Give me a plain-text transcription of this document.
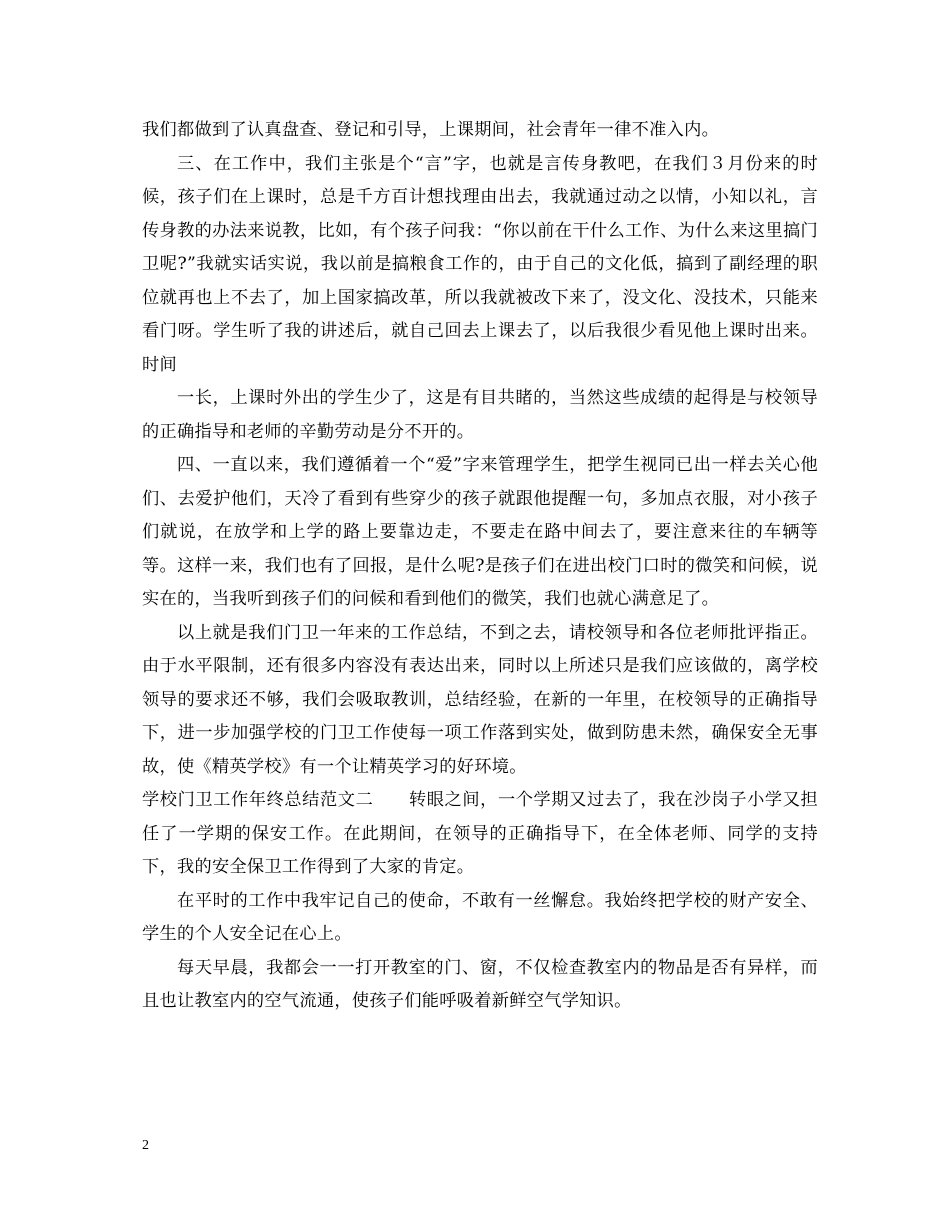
我们都做到了认真盘查、登记和引导，上课期间，社会青年一律不准入内。

三、在工作中，我们主张是个“言”字，也就是言传身教吧，在我们３月份来的时候，孩子们在上课时，总是千方百计想找理由出去，我就通过动之以情，小知以礼，言传身教的办法来说教，比如，有个孩子问我：“你以前在干什么工作、为什么来这里搞门卫呢?”我就实话实说，我以前是搞粮食工作的，由于自己的文化低，搞到了副经理的职位就再也上不去了，加上国家搞改革，所以我就被改下来了，没文化、没技术，只能来看门呀。学生听了我的讲述后，就自己回去上课去了，以后我很少看见他上课时出来。时间

一长，上课时外出的学生少了，这是有目共睹的，当然这些成绩的起得是与校领导的正确指导和老师的辛勤劳动是分不开的。

四、一直以来，我们遵循着一个“爱”字来管理学生，把学生视同已出一样去关心他们、去爱护他们，天冷了看到有些穿少的孩子就跟他提醒一句，多加点衣服，对小孩子们就说，在放学和上学的路上要靠边走，不要走在路中间去了，要注意来往的车辆等等。这样一来，我们也有了回报，是什么呢?是孩子们在进出校门口时的微笑和问候，说实在的，当我听到孩子们的问候和看到他们的微笑，我们也就心满意足了。

以上就是我们门卫一年来的工作总结，不到之去，请校领导和各位老师批评指正。由于水平限制，还有很多内容没有表达出来，同时以上所述只是我们应该做的，离学校领导的要求还不够，我们会吸取教训，总结经验，在新的一年里，在校领导的正确指导下，进一步加强学校的门卫工作使每一项工作落到实处，做到防患未然，确保安全无事故，使《精英学校》有一个让精英学习的好环境。

学校门卫工作年终总结范文二　　转眼之间，一个学期又过去了，我在沙岗子小学又担任了一学期的保安工作。在此期间，在领导的正确指导下，在全体老师、同学的支持下，我的安全保卫工作得到了大家的肯定。

在平时的工作中我牢记自己的使命，不敢有一丝懈怠。我始终把学校的财产安全、学生的个人安全记在心上。

每天早晨，我都会一一打开教室的门、窗，不仅检查教室内的物品是否有异样，而且也让教室内的空气流通，使孩子们能呼吸着新鲜空气学知识。

2
